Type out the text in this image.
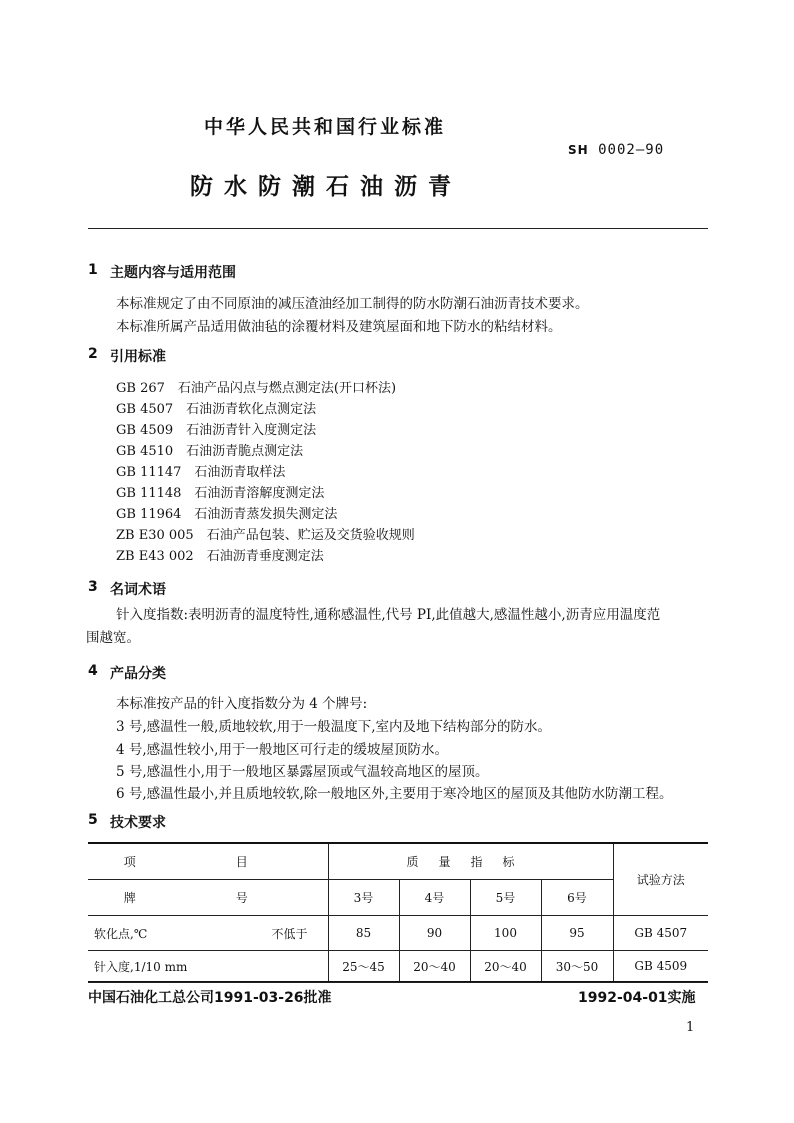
中华人民共和国行业标准
SH 0002—90
防水防潮石油沥青
1 主题内容与适用范围
本标准规定了由不同原油的减压渣油经加工制得的防水防潮石油沥青技术要求。
本标准所属产品适用做油毡的涂覆材料及建筑屋面和地下防水的粘结材料。
2 引用标准
GB 267　石油产品闪点与燃点测定法(开口杯法)
GB 4507　石油沥青软化点测定法
GB 4509　石油沥青针入度测定法
GB 4510　石油沥青脆点测定法
GB 11147　石油沥青取样法
GB 11148　石油沥青溶解度测定法
GB 11964　石油沥青蒸发损失测定法
ZB E30 005　石油产品包装、贮运及交货验收规则
ZB E43 002　石油沥青垂度测定法
3 名词术语
针入度指数:表明沥青的温度特性,通称感温性,代号 PI,此值越大,感温性越小,沥青应用温度范
围越宽。
4 产品分类
本标准按产品的针入度指数分为 4 个牌号:
3 号,感温性一般,质地较软,用于一般温度下,室内及地下结构部分的防水。
4 号,感温性较小,用于一般地区可行走的缓坡屋顶防水。
5 号,感温性小,用于一般地区暴露屋顶或气温较高地区的屋顶。
6 号,感温性最小,并且质地较软,除一般地区外,主要用于寒冷地区的屋顶及其他防水防潮工程。
5 技术要求
项　目	质量指标				试验方法
牌　号	3号	4号	5号	6号	

软化点,℃ 不低于	85	90	100	95	GB 4507

针入度,1/10 mm	25～45	20～40	20～40	30～50	GB 4509
中国石油化工总公司1991-03-26批准	1992-04-01实施
1
